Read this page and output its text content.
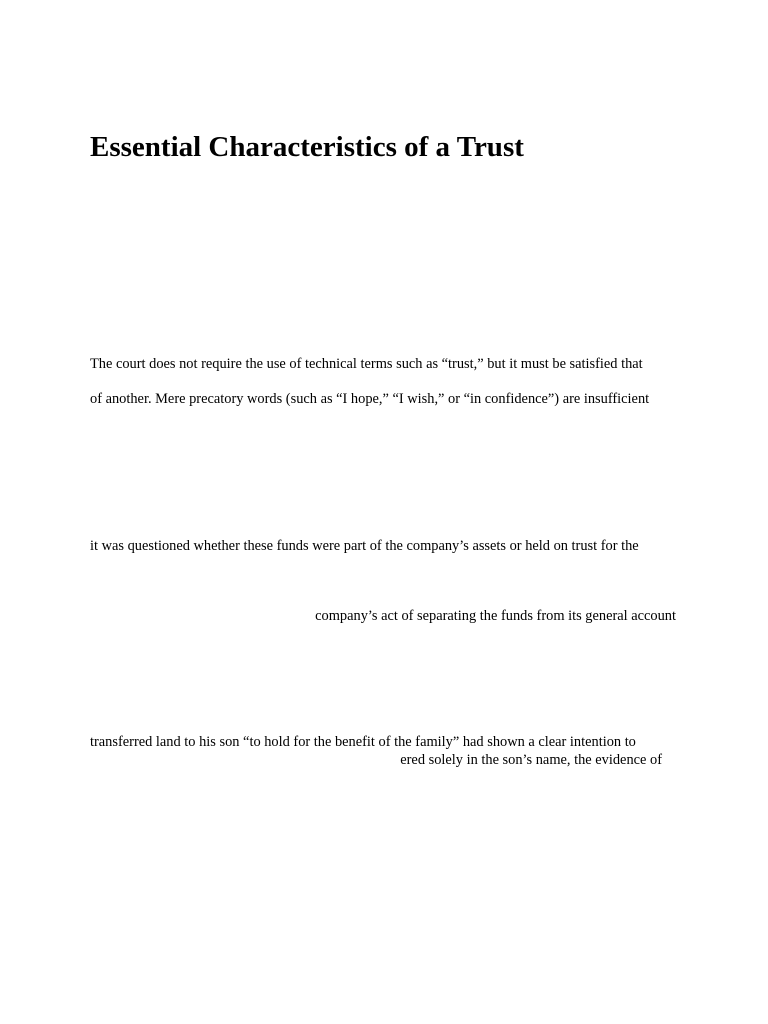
Essential Characteristics of a Trust

The court does not require the use of technical terms such as “trust,” but it must be satisfied that

of another. Mere precatory words (such as “I hope,” “I wish,” or “in confidence”) are insufficient

it was questioned whether these funds were part of the company’s assets or held on trust for the

company’s act of separating the funds from its general account

transferred land to his son “to hold for the benefit of the family” had shown a clear intention to

ered solely in the son’s name, the evidence of
